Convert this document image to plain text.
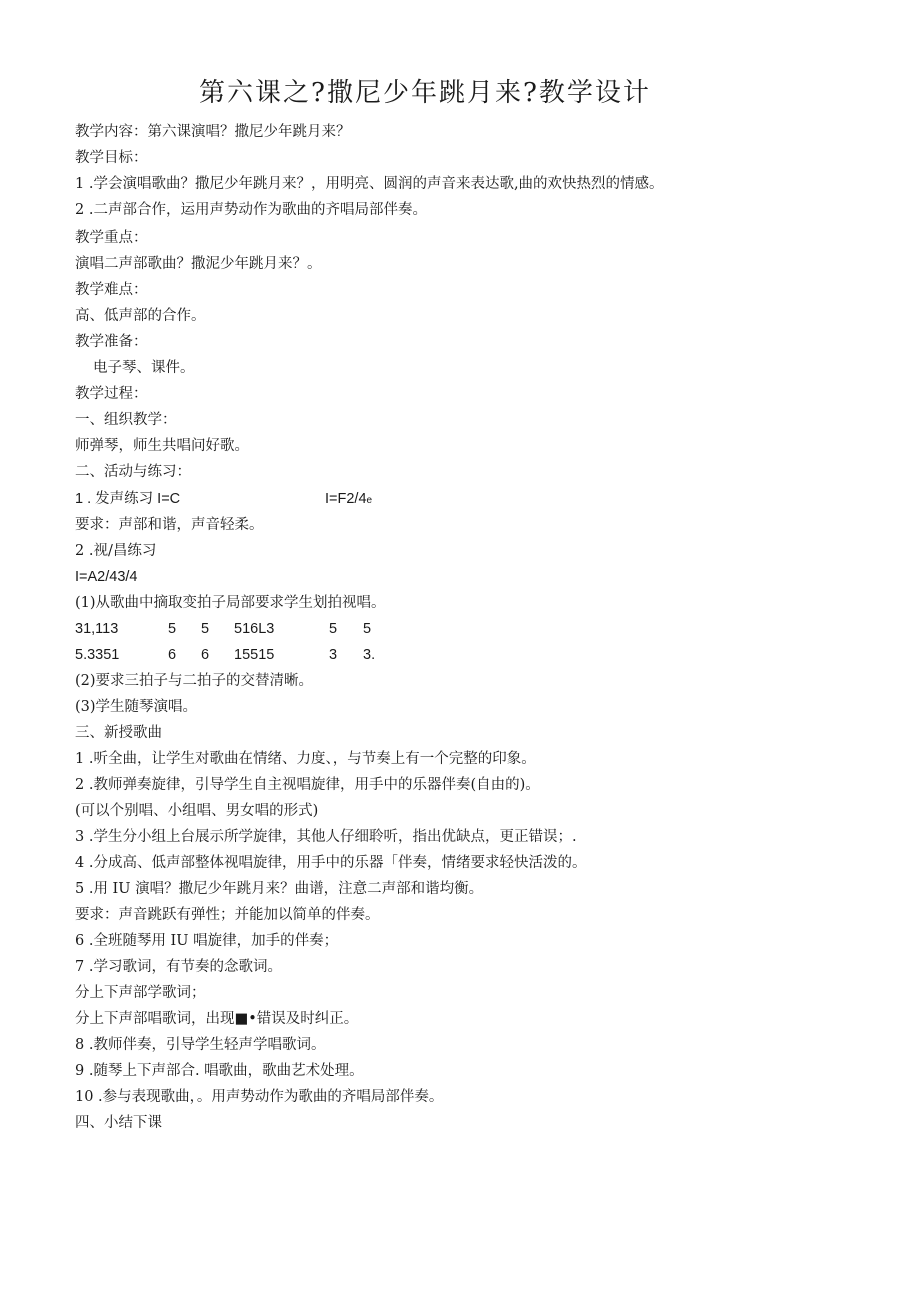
第六课之?撒尼少年跳月来?教学设计
教学内容：第六课演唱？撒尼少年跳月来？
教学目标：
1 .学会演唱歌曲？撒尼少年跳月来？，用明亮、圆润的声音来表达歌,曲的欢快热烈的情感。
2 .二声部合作，运用声势动作为歌曲的齐唱局部伴奏。
教学重点：
演唱二声部歌曲？撒泥少年跳月来？。
教学难点：
高、低声部的合作。
教学准备：
电子琴、课件。
教学过程：
一、组织教学：
师弹琴，师生共唱问好歌。
二、活动与练习：
1 . 发声练习 I=C	I=F2/4e
要求：声部和谐，声音轻柔。
2 .视/昌练习
I=A2/43/4
(1)从歌曲中摘取变拍子局部要求学生划拍视唱。
31,113	5 5 516L3	5 5
5.3351	6 6 15515	3 3.
(2)要求三拍子与二拍子的交替清晰。
(3)学生随琴演唱。
三、新授歌曲
1 .听全曲，让学生对歌曲在情绪、力度、，与节奏上有一个完整的印象。
2 .教师弹奏旋律，引导学生自主视唱旋律，用手中的乐器伴奏(自由的)。
(可以个别唱、小组唱、男女唱的形式)
3 .学生分小组上台展示所学旋律，其他人仔细聆听，指出优缺点，更正错误；.
4 .分成高、低声部整体视唱旋律，用手中的乐器「伴奏，情绪要求轻快活泼的。
5 .用 IU 演唱？撒尼少年跳月来？曲谱，注意二声部和谐均衡。
要求：声音跳跃有弹性；并能加以简单的伴奏。
6 .全班随琴用 IU 唱旋律，加手的伴奏；
7 .学习歌词，有节奏的念歌词。
分上下声部学歌词；
分上下声部唱歌词，出现■•错误及时纠正。
8 .教师伴奏，引导学生轻声学唱歌词。
9 .随琴上下声部合. 唱歌曲，歌曲艺术处理。
10 .参与表现歌曲，。用声势动作为歌曲的齐唱局部伴奏。
四、小结下课
